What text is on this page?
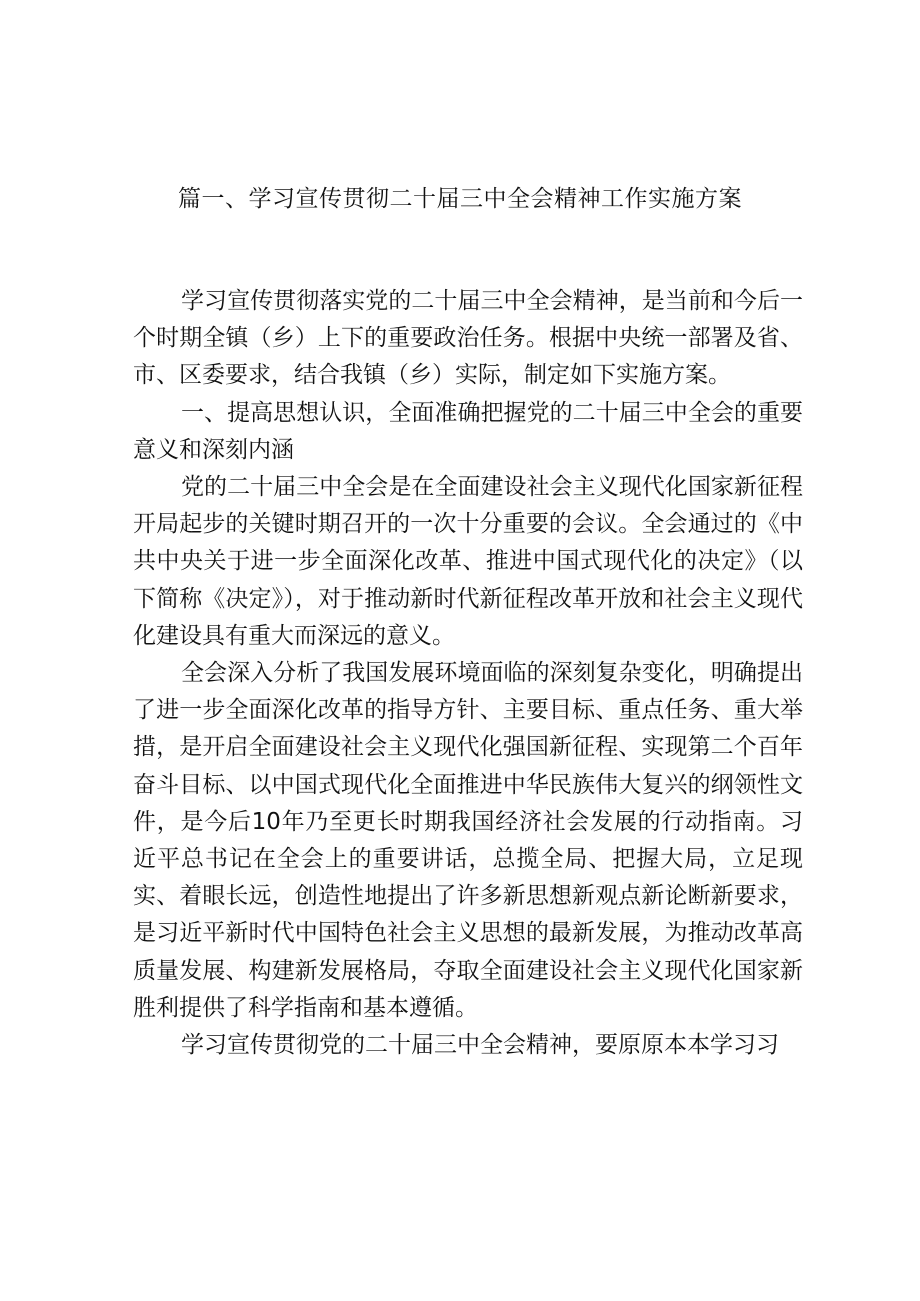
篇一、学习宣传贯彻二十届三中全会精神工作实施方案

学习宣传贯彻落实党的二十届三中全会精神，是当前和今后一个时期全镇（乡）上下的重要政治任务。根据中央统一部署及省、市、区委要求，结合我镇（乡）实际，制定如下实施方案。

一、提高思想认识，全面准确把握党的二十届三中全会的重要意义和深刻内涵

党的二十届三中全会是在全面建设社会主义现代化国家新征程开局起步的关键时期召开的一次十分重要的会议。全会通过的《中共中央关于进一步全面深化改革、推进中国式现代化的决定》（以下简称《决定》），对于推动新时代新征程改革开放和社会主义现代化建设具有重大而深远的意义。

全会深入分析了我国发展环境面临的深刻复杂变化，明确提出了进一步全面深化改革的指导方针、主要目标、重点任务、重大举措，是开启全面建设社会主义现代化强国新征程、实现第二个百年奋斗目标、以中国式现代化全面推进中华民族伟大复兴的纲领性文件，是今后10年乃至更长时期我国经济社会发展的行动指南。习近平总书记在全会上的重要讲话，总揽全局、把握大局，立足现实、着眼长远，创造性地提出了许多新思想新观点新论断新要求，是习近平新时代中国特色社会主义思想的最新发展，为推动改革高质量发展、构建新发展格局，夺取全面建设社会主义现代化国家新胜利提供了科学指南和基本遵循。

学习宣传贯彻党的二十届三中全会精神，要原原本本学习习
